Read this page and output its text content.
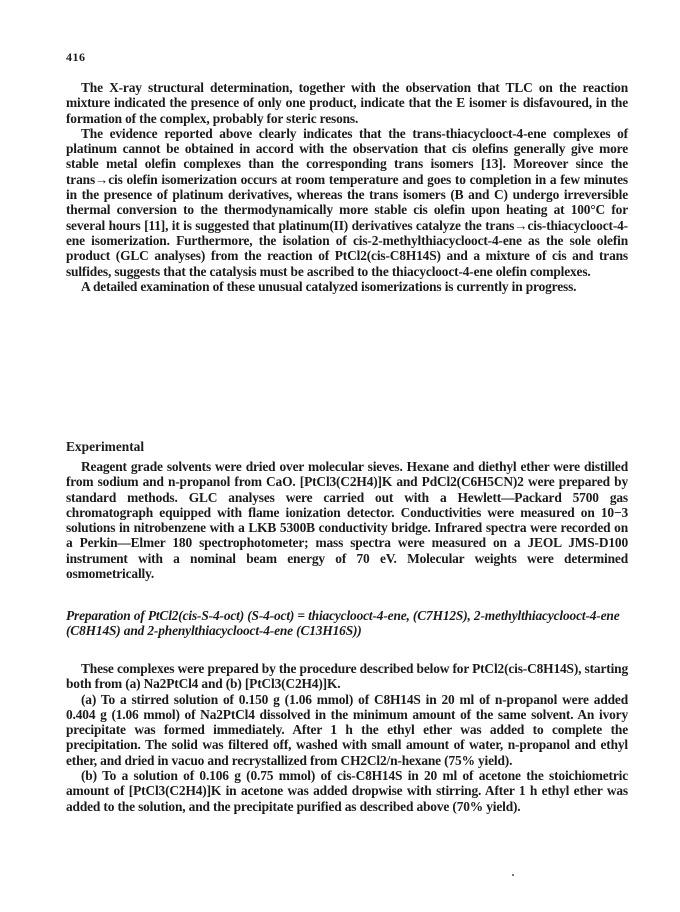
416

The X-ray structural determination, together with the observation that TLC on the reaction mixture indicated the presence of only one product, indicate that the E isomer is disfavoured, in the formation of the complex, probably for steric resons.

The evidence reported above clearly indicates that the trans-thiacyclooct-4-ene complexes of platinum cannot be obtained in accord with the observation that cis olefins generally give more stable metal olefin complexes than the corresponding trans isomers [13]. Moreover since the trans→cis olefin isomerization occurs at room temperature and goes to completion in a few minutes in the presence of platinum derivatives, whereas the trans isomers (B and C) undergo irreversible thermal conversion to the thermodynamically more stable cis olefin upon heating at 100°C for several hours [11], it is suggested that platinum(II) derivatives catalyze the trans→cis-thiacyclooct-4-ene isomerization. Furthermore, the isolation of cis-2-methylthiacyclooct-4-ene as the sole olefin product (GLC analyses) from the reaction of PtCl2(cis-C8H14S) and a mixture of cis and trans sulfides, suggests that the catalysis must be ascribed to the thiacyclooct-4-ene olefin complexes.

A detailed examination of these unusual catalyzed isomerizations is currently in progress.

Experimental

Reagent grade solvents were dried over molecular sieves. Hexane and diethyl ether were distilled from sodium and n-propanol from CaO. [PtCl3(C2H4)]K and PdCl2(C6H5CN)2 were prepared by standard methods. GLC analyses were carried out with a Hewlett—Packard 5700 gas chromatograph equipped with flame ionization detector. Conductivities were measured on 10−3 solutions in nitrobenzene with a LKB 5300B conductivity bridge. Infrared spectra were recorded on a Perkin—Elmer 180 spectrophotometer; mass spectra were measured on a JEOL JMS-D100 instrument with a nominal beam energy of 70 eV. Molecular weights were determined osmometrically.

Preparation of PtCl2(cis-S-4-oct) (S-4-oct) = thiacyclooct-4-ene, (C7H12S), 2-methylthiacyclooct-4-ene (C8H14S) and 2-phenylthiacyclooct-4-ene (C13H16S))

These complexes were prepared by the procedure described below for PtCl2(cis-C8H14S), starting both from (a) Na2PtCl4 and (b) [PtCl3(C2H4)]K.

(a) To a stirred solution of 0.150 g (1.06 mmol) of C8H14S in 20 ml of n-propanol were added 0.404 g (1.06 mmol) of Na2PtCl4 dissolved in the minimum amount of the same solvent. An ivory precipitate was formed immediately. After 1 h the ethyl ether was added to complete the precipitation. The solid was filtered off, washed with small amount of water, n-propanol and ethyl ether, and dried in vacuo and recrystallized from CH2Cl2/n-hexane (75% yield).

(b) To a solution of 0.106 g (0.75 mmol) of cis-C8H14S in 20 ml of acetone the stoichiometric amount of [PtCl3(C2H4)]K in acetone was added dropwise with stirring. After 1 h ethyl ether was added to the solution, and the precipitate purified as described above (70% yield).
